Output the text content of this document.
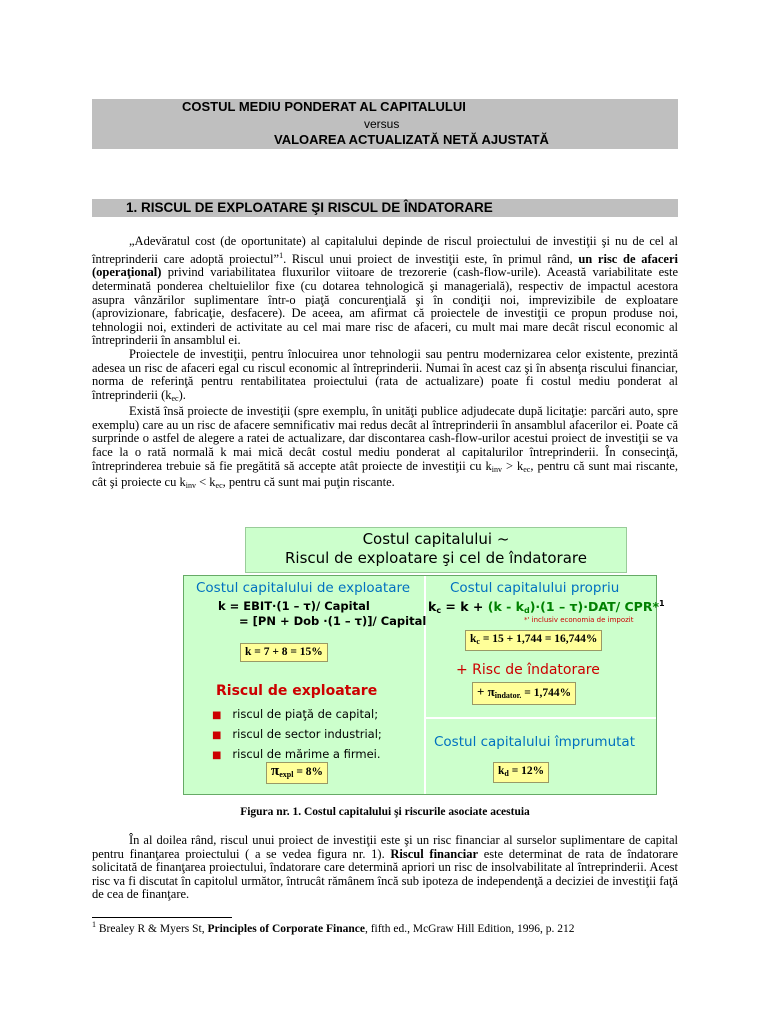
COSTUL MEDIU PONDERAT AL CAPITALULUI
versus
VALOAREA ACTUALIZATĂ NETĂ AJUSTATĂ
1. RISCUL DE EXPLOATARE ŞI RISCUL DE ÎNDATORARE

„Adevăratul cost (de oportunitate) al capitalului depinde de riscul proiectului de investiţii şi nu de cel al întreprinderii care adoptă proiectul”$^1$. Riscul unui proiect de investiţii este, în primul rând, un risc de afaceri (operaţional) privind variabilitatea fluxurilor viitoare de trezorerie (cash-flow-urile). Această variabilitate este determinată ponderea cheltuielilor fixe (cu dotarea tehnologică şi managerială), respectiv de impactul acestora asupra vânzărilor suplimentare într-o piaţă concurenţială şi în condiţii noi, imprevizibile de exploatare (aprovizionare, fabricaţie, desfacere). De aceea, am afirmat că proiectele de investiţii ce propun produse noi, tehnologii noi, extinderi de activitate au cel mai mare risc de afaceri, cu mult mai mare decât riscul economic al întreprinderii în ansamblul ei.

Proiectele de investiţii, pentru înlocuirea unor tehnologii sau pentru modernizarea celor existente, prezintă adesea un risc de afaceri egal cu riscul economic al întreprinderii. Numai în acest caz şi în absenţa riscului financiar, norma de referinţă pentru rentabilitatea proiectului (rata de actualizare) poate fi costul mediu ponderat al întreprinderii $(k_{ec})$.

Există însă proiecte de investiţii (spre exemplu, în unităţi publice adjudecate după licitaţie: parcări auto, spre exemplu) care au un risc de afacere semnificativ mai redus decât al întreprinderii în ansamblul afacerilor ei. Poate că surprinde o astfel de alegere a ratei de actualizare, dar discontarea cash-flow-urilor acestui proiect de investiţii se va face la o rată normală k mai mică decât costul mediu ponderat al capitalurilor întreprinderii. În consecinţă, întreprinderea trebuie să fie pregătită să accepte atât proiecte de investiţii cu $k_{inv} > k_{ec}$, pentru că sunt mai riscante, cât şi proiecte cu $k_{inv} < k_{ec}$, pentru că sunt mai puţin riscante.

Costul capitalului ~
Riscul de exploatare şi cel de îndatorare
Costul capitalului de exploatare
k = EBIT·(1 – τ)/ Capital
= [PN + Dob ·(1 – τ)]/ Capital
k = 7 + 8 = 15%
Riscul de exploatare
■ riscul de piaţă de capital;
■ riscul de sector industrial;
■ riscul de mărime a firmei.
$\pi_{expl} = 8\%$
Costul capitalului propriu
$k_c = k + (k - k_d)\cdot(1 - \tau)\cdot DAT/$ CPR*$^1$
*' inclusiv economia de impozit
$k_c = 15 + 1,744 = 16,744\%$
+ Risc de îndatorare
+ $\pi_{îndator.} = 1,744\%$
Costul capitalului împrumutat
$k_d = 12\%$
Figura nr. 1. Costul capitalului şi riscurile asociate acestuia

În al doilea rând, riscul unui proiect de investiţii este şi un risc financiar al surselor suplimentare de capital pentru finanţarea proiectului ( a se vedea figura nr. 1). Riscul financiar este determinat de rata de îndatorare solicitată de finanţarea proiectului, îndatorare care determină apriori un risc de insolvabilitate al întreprinderii. Acest risc va fi discutat în capitolul următor, întrucât rămânem încă sub ipoteza de independenţă a deciziei de investiţii faţă de cea de finanţare.

$^1$ Brealey R & Myers St, Principles of Corporate Finance, fifth ed., McGraw Hill Edition, 1996, p. 212
